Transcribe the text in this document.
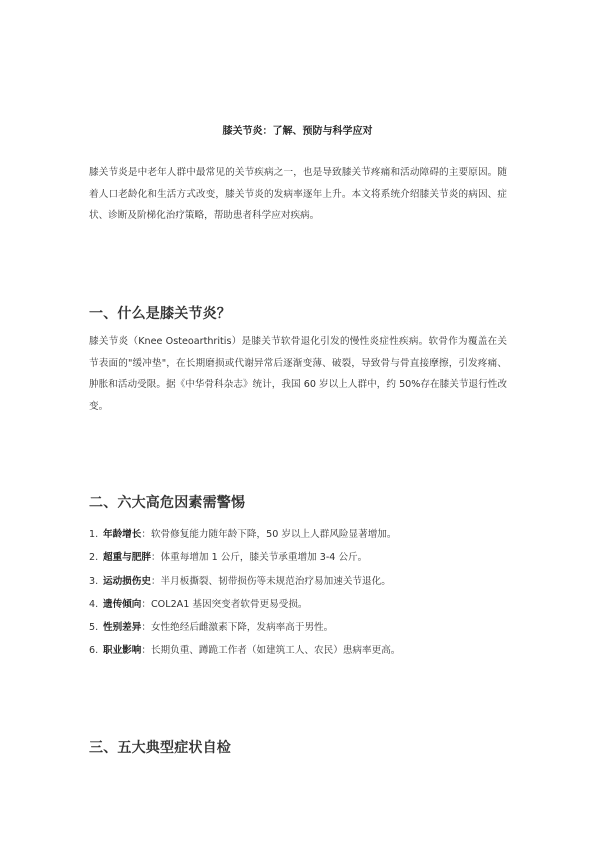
膝关节炎：了解、预防与科学应对

膝关节炎是中老年人群中最常见的关节疾病之一，也是导致膝关节疼痛和活动障碍的主要原因。随着人口老龄化和生活方式改变，膝关节炎的发病率逐年上升。本文将系统介绍膝关节炎的病因、症状、诊断及阶梯化治疗策略，帮助患者科学应对疾病。

一、什么是膝关节炎？

膝关节炎（Knee Osteoarthritis）是膝关节软骨退化引发的慢性炎症性疾病。软骨作为覆盖在关节表面的"缓冲垫"，在长期磨损或代谢异常后逐渐变薄、破裂，导致骨与骨直接摩擦，引发疼痛、肿胀和活动受限。据《中华骨科杂志》统计，我国 60 岁以上人群中，约 50%存在膝关节退行性改变。

二、六大高危因素需警惕
1. 年龄增长：软骨修复能力随年龄下降，50 岁以上人群风险显著增加。
2. 超重与肥胖：体重每增加 1 公斤，膝关节承重增加 3-4 公斤。
3. 运动损伤史：半月板撕裂、韧带损伤等未规范治疗易加速关节退化。
4. 遗传倾向：COL2A1 基因突变者软骨更易受损。
5. 性别差异：女性绝经后雌激素下降，发病率高于男性。
6. 职业影响：长期负重、蹲跪工作者（如建筑工人、农民）患病率更高。
三、五大典型症状自检
